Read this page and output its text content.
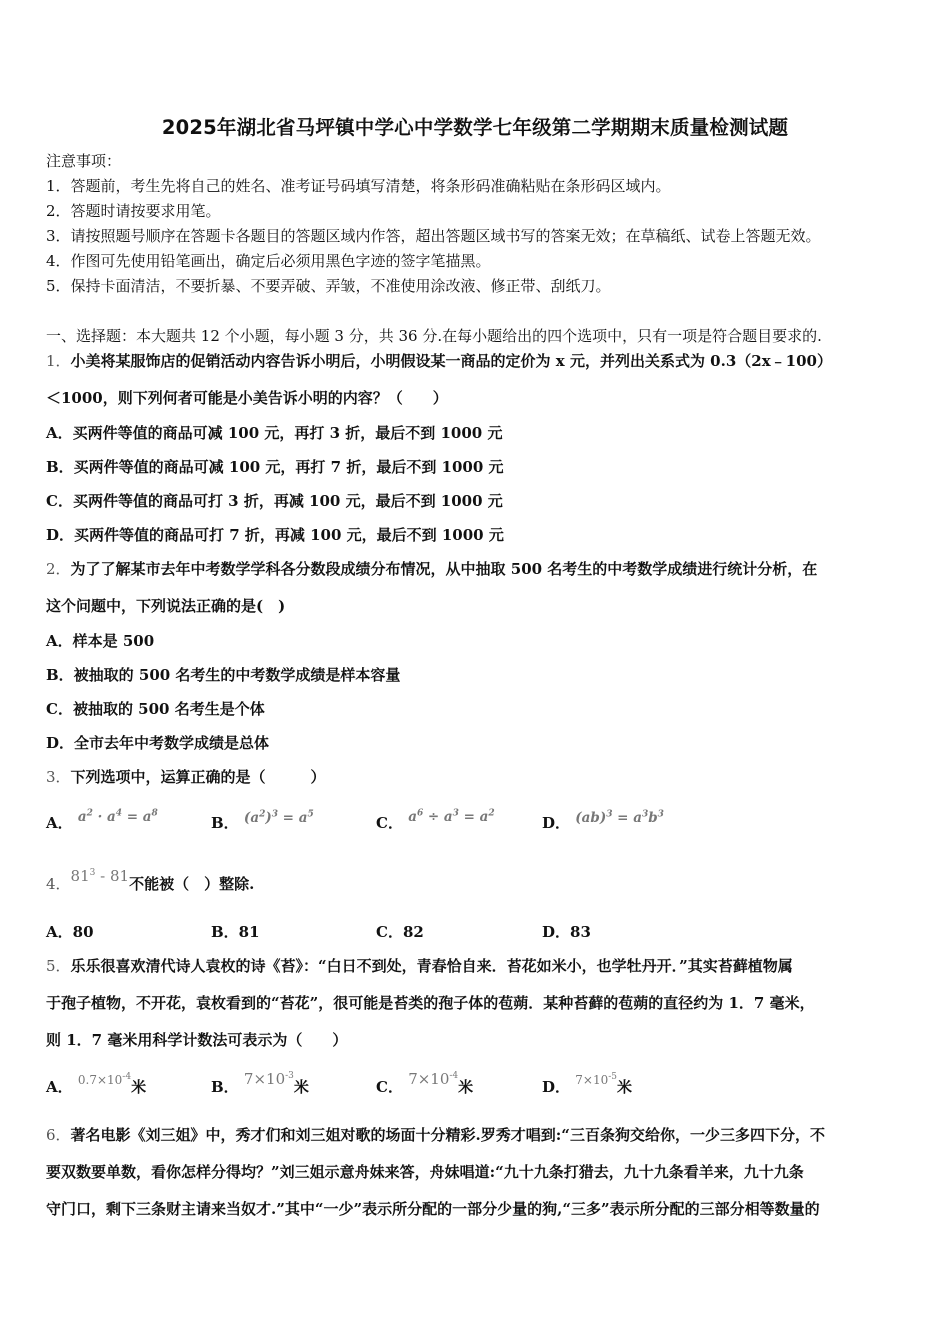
2025年湖北省马坪镇中学心中学数学七年级第二学期期末质量检测试题
注意事项：
1．答题前，考生先将自己的姓名、准考证号码填写清楚，将条形码准确粘贴在条形码区域内。
2．答题时请按要求用笔。
3．请按照题号顺序在答题卡各题目的答题区域内作答，超出答题区域书写的答案无效；在草稿纸、试卷上答题无效。
4．作图可先使用铅笔画出，确定后必须用黑色字迹的签字笔描黑。
5．保持卡面清洁，不要折暴、不要弄破、弄皱，不准使用涂改液、修正带、刮纸刀。
一、选择题：本大题共 12 个小题，每小题 3 分，共 36 分.在每小题给出的四个选项中，只有一项是符合题目要求的.
1．小美将某服饰店的促销活动内容告诉小明后，小明假设某一商品的定价为 x 元，并列出关系式为 0.3（2x﹣100）
＜1000，则下列何者可能是小美告诉小明的内容？（　　）
A．买两件等值的商品可减 100 元，再打 3 折，最后不到 1000 元
B．买两件等值的商品可减 100 元，再打 7 折，最后不到 1000 元
C．买两件等值的商品可打 3 折，再减 100 元，最后不到 1000 元
D．买两件等值的商品可打 7 折，再减 100 元，最后不到 1000 元
2．为了了解某市去年中考数学学科各分数段成绩分布情况，从中抽取 500 名考生的中考数学成绩进行统计分析，在
这个问题中，下列说法正确的是(　)
A．样本是 500
B．被抽取的 500 名考生的中考数学成绩是样本容量
C．被抽取的 500 名考生是个体
D．全市去年中考数学成绩是总体
3．下列选项中，运算正确的是（　　　）
A． $a^2 \cdot a^4 = a^8$
B． $(a^2)^3 = a^5$	C． $a^6 \div a^3 = a^2$
D． $(ab)^3 = a^3b^3$
4．$81^3 - 81$不能被（　）整除.
A．80	B．81	C．82	D．83
5．乐乐很喜欢清代诗人袁枚的诗《苔》：“白日不到处，青春恰自来．苔花如米小，也学牡丹开．”其实苔藓植物属
于孢子植物，不开花，袁枚看到的“苔花”，很可能是苔类的孢子体的苞蒴．某种苔藓的苞蒴的直径约为 1．7 毫米，
则 1．7 毫米用科学计数法可表示为（　　）
A． $^{0.7\times 10^{-4}}$米	B． $7\times 10^{-3}$米	C． $7\times 10^{-4}$米	D． $^{7\times 10^{-5}}$米
6．著名电影《刘三姐》中，秀才们和刘三姐对歌的场面十分精彩.罗秀才唱到:“三百条狗交给你，一少三多四下分，不
要双数要单数，看你怎样分得均？”刘三姐示意舟妹来答，舟妹唱道:“九十九条打猎去，九十九条看羊来，九十九条
守门口，剩下三条财主请来当奴才.”其中“一少”表示所分配的一部分少量的狗,“三多”表示所分配的三部分相等数量的
